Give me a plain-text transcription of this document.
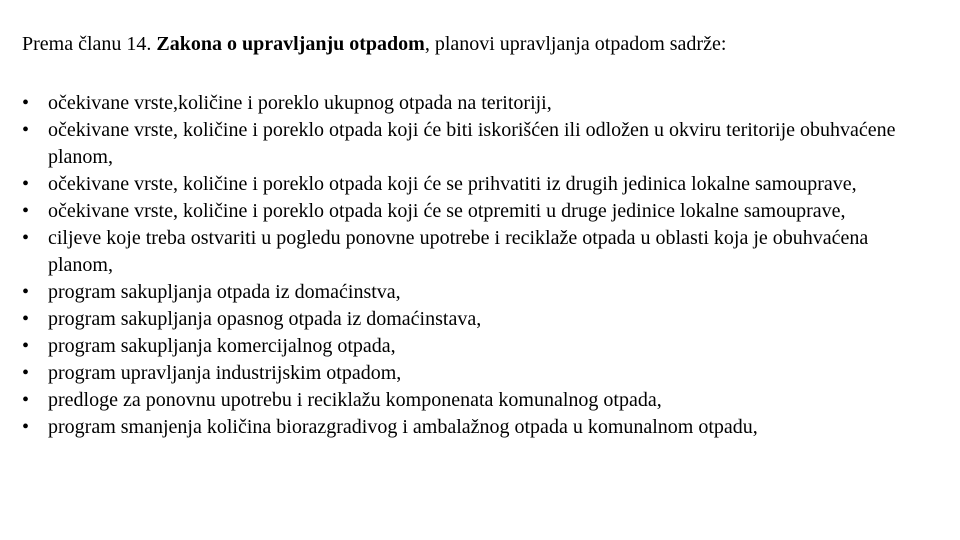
Prema članu 14. Zakona o upravljanju otpadom, planovi upravljanja otpadom sadrže:
• očekivane vrste,količine i poreklo ukupnog otpada na teritoriji,
• očekivane vrste, količine i poreklo otpada koji će biti iskorišćen ili odložen u okviru teritorije obuhvaćene planom,
• očekivane vrste, količine i poreklo otpada koji će se prihvatiti iz drugih jedinica lokalne samouprave,
• očekivane vrste, količine i poreklo otpada koji će se otpremiti u druge jedinice lokalne samouprave,
• ciljeve koje treba ostvariti u pogledu ponovne upotrebe i reciklaže otpada u oblasti koja je obuhvaćena planom,
• program sakupljanja otpada iz domaćinstva,
• program sakupljanja opasnog otpada iz domaćinstava,
• program sakupljanja komercijalnog otpada,
• program upravljanja industrijskim otpadom,
• predloge za ponovnu upotrebu i reciklažu komponenata komunalnog otpada,
• program smanjenja količina biorazgradivog i ambalažnog otpada u komunalnom otpadu,
